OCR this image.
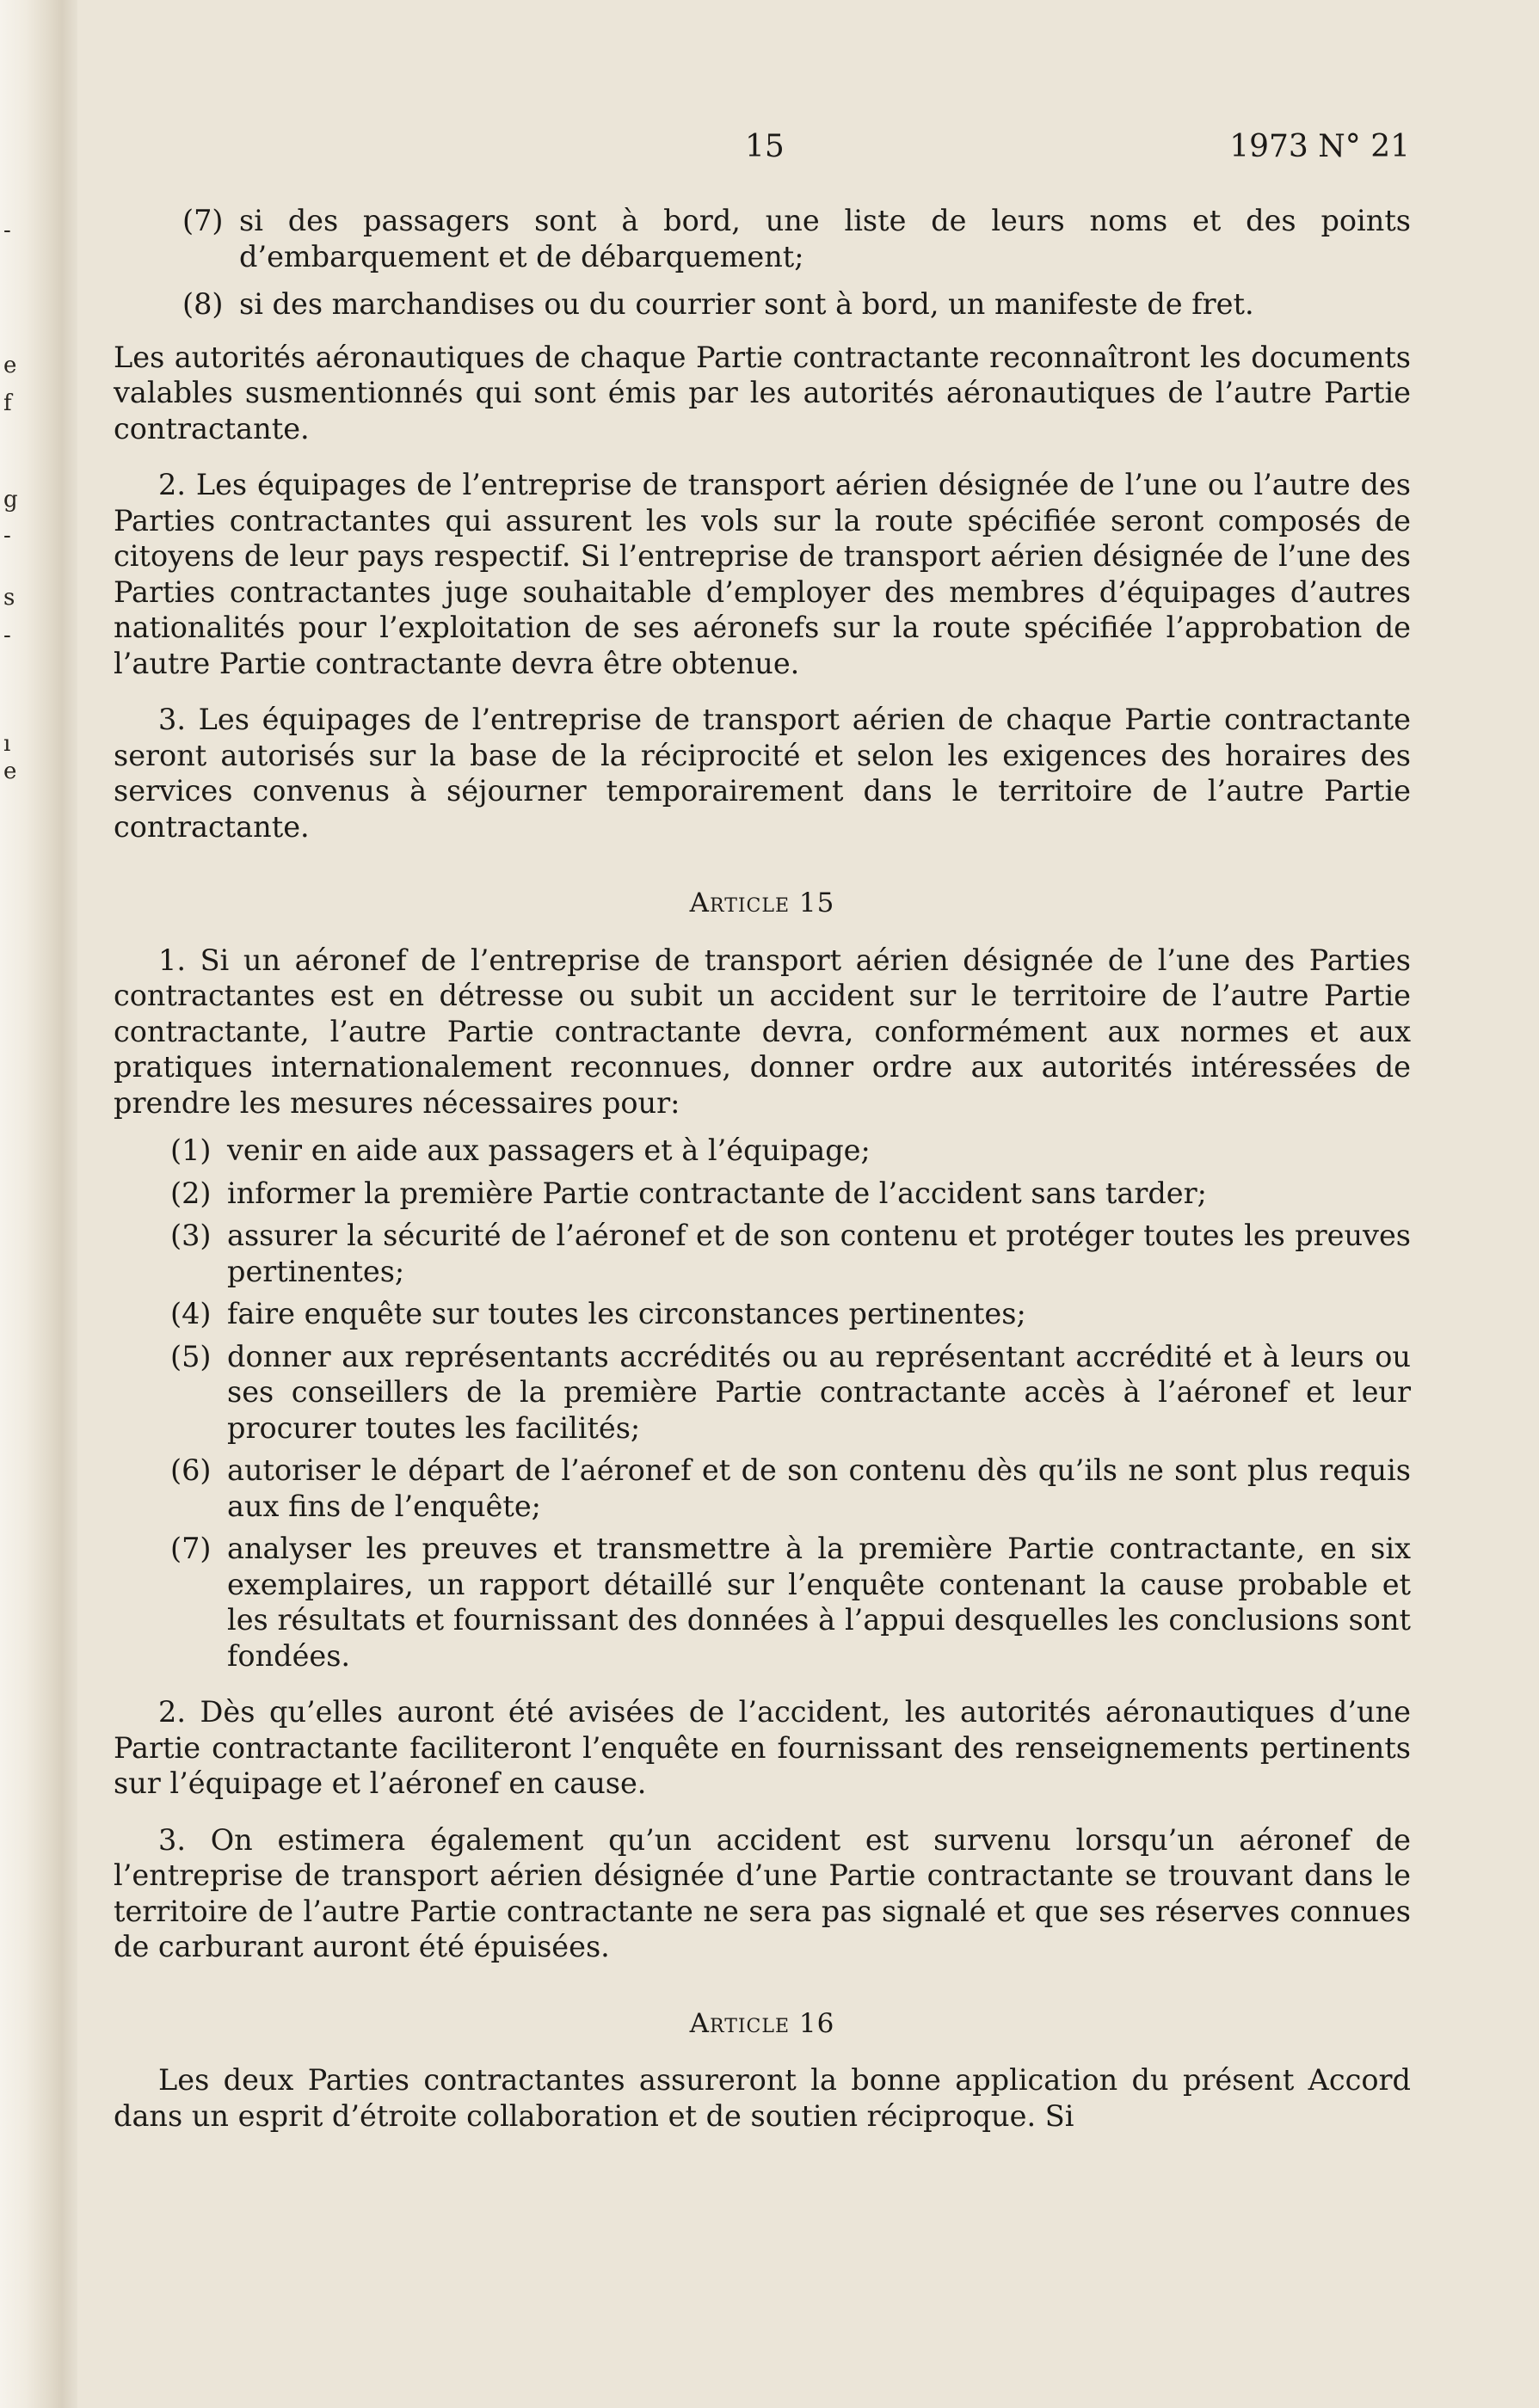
-
e
f
g
-
s
-
ı
e
15	1973 N° 21
(7) si des passagers sont à bord, une liste de leurs noms et des points d’embarquement et de débarquement;
(8) si des marchandises ou du courrier sont à bord, un manifeste de fret.

Les autorités aéronautiques de chaque Partie contractante reconnaîtront les documents valables susmentionnés qui sont émis par les autorités aéronautiques de l’autre Partie contractante.

2. Les équipages de l’entreprise de transport aérien désignée de l’une ou l’autre des Parties contractantes qui assurent les vols sur la route spécifiée seront composés de citoyens de leur pays respectif. Si l’entreprise de transport aérien désignée de l’une des Parties contractantes juge souhaitable d’employer des membres d’équipages d’autres nationalités pour l’exploitation de ses aéronefs sur la route spécifiée l’approbation de l’autre Partie contractante devra être obtenue.

3. Les équipages de l’entreprise de transport aérien de chaque Partie contractante seront autorisés sur la base de la réciprocité et selon les exigences des horaires des services convenus à séjourner temporairement dans le territoire de l’autre Partie contractante.

Article 15

1. Si un aéronef de l’entreprise de transport aérien désignée de l’une des Parties contractantes est en détresse ou subit un accident sur le territoire de l’autre Partie contractante, l’autre Partie contractante devra, conformément aux normes et aux pratiques internationalement reconnues, donner ordre aux autorités intéressées de prendre les mesures nécessaires pour:

(1) venir en aide aux passagers et à l’équipage;
(2) informer la première Partie contractante de l’accident sans tarder;
(3) assurer la sécurité de l’aéronef et de son contenu et protéger toutes les preuves pertinentes;
(4) faire enquête sur toutes les circonstances pertinentes;
(5) donner aux représentants accrédités ou au représentant accrédité et à leurs ou ses conseillers de la première Partie contractante accès à l’aéronef et leur procurer toutes les facilités;
(6) autoriser le départ de l’aéronef et de son contenu dès qu’ils ne sont plus requis aux fins de l’enquête;
(7) analyser les preuves et transmettre à la première Partie contractante, en six exemplaires, un rapport détaillé sur l’enquête contenant la cause probable et les résultats et fournissant des données à l’appui desquelles les conclusions sont fondées.

2. Dès qu’elles auront été avisées de l’accident, les autorités aéronautiques d’une Partie contractante faciliteront l’enquête en fournissant des renseignements pertinents sur l’équipage et l’aéronef en cause.

3. On estimera également qu’un accident est survenu lorsqu’un aéronef de l’entreprise de transport aérien désignée d’une Partie contractante se trouvant dans le territoire de l’autre Partie contractante ne sera pas signalé et que ses réserves connues de carburant auront été épuisées.

Article 16

Les deux Parties contractantes assureront la bonne application du présent Accord dans un esprit d’étroite collaboration et de soutien réciproque. Si
